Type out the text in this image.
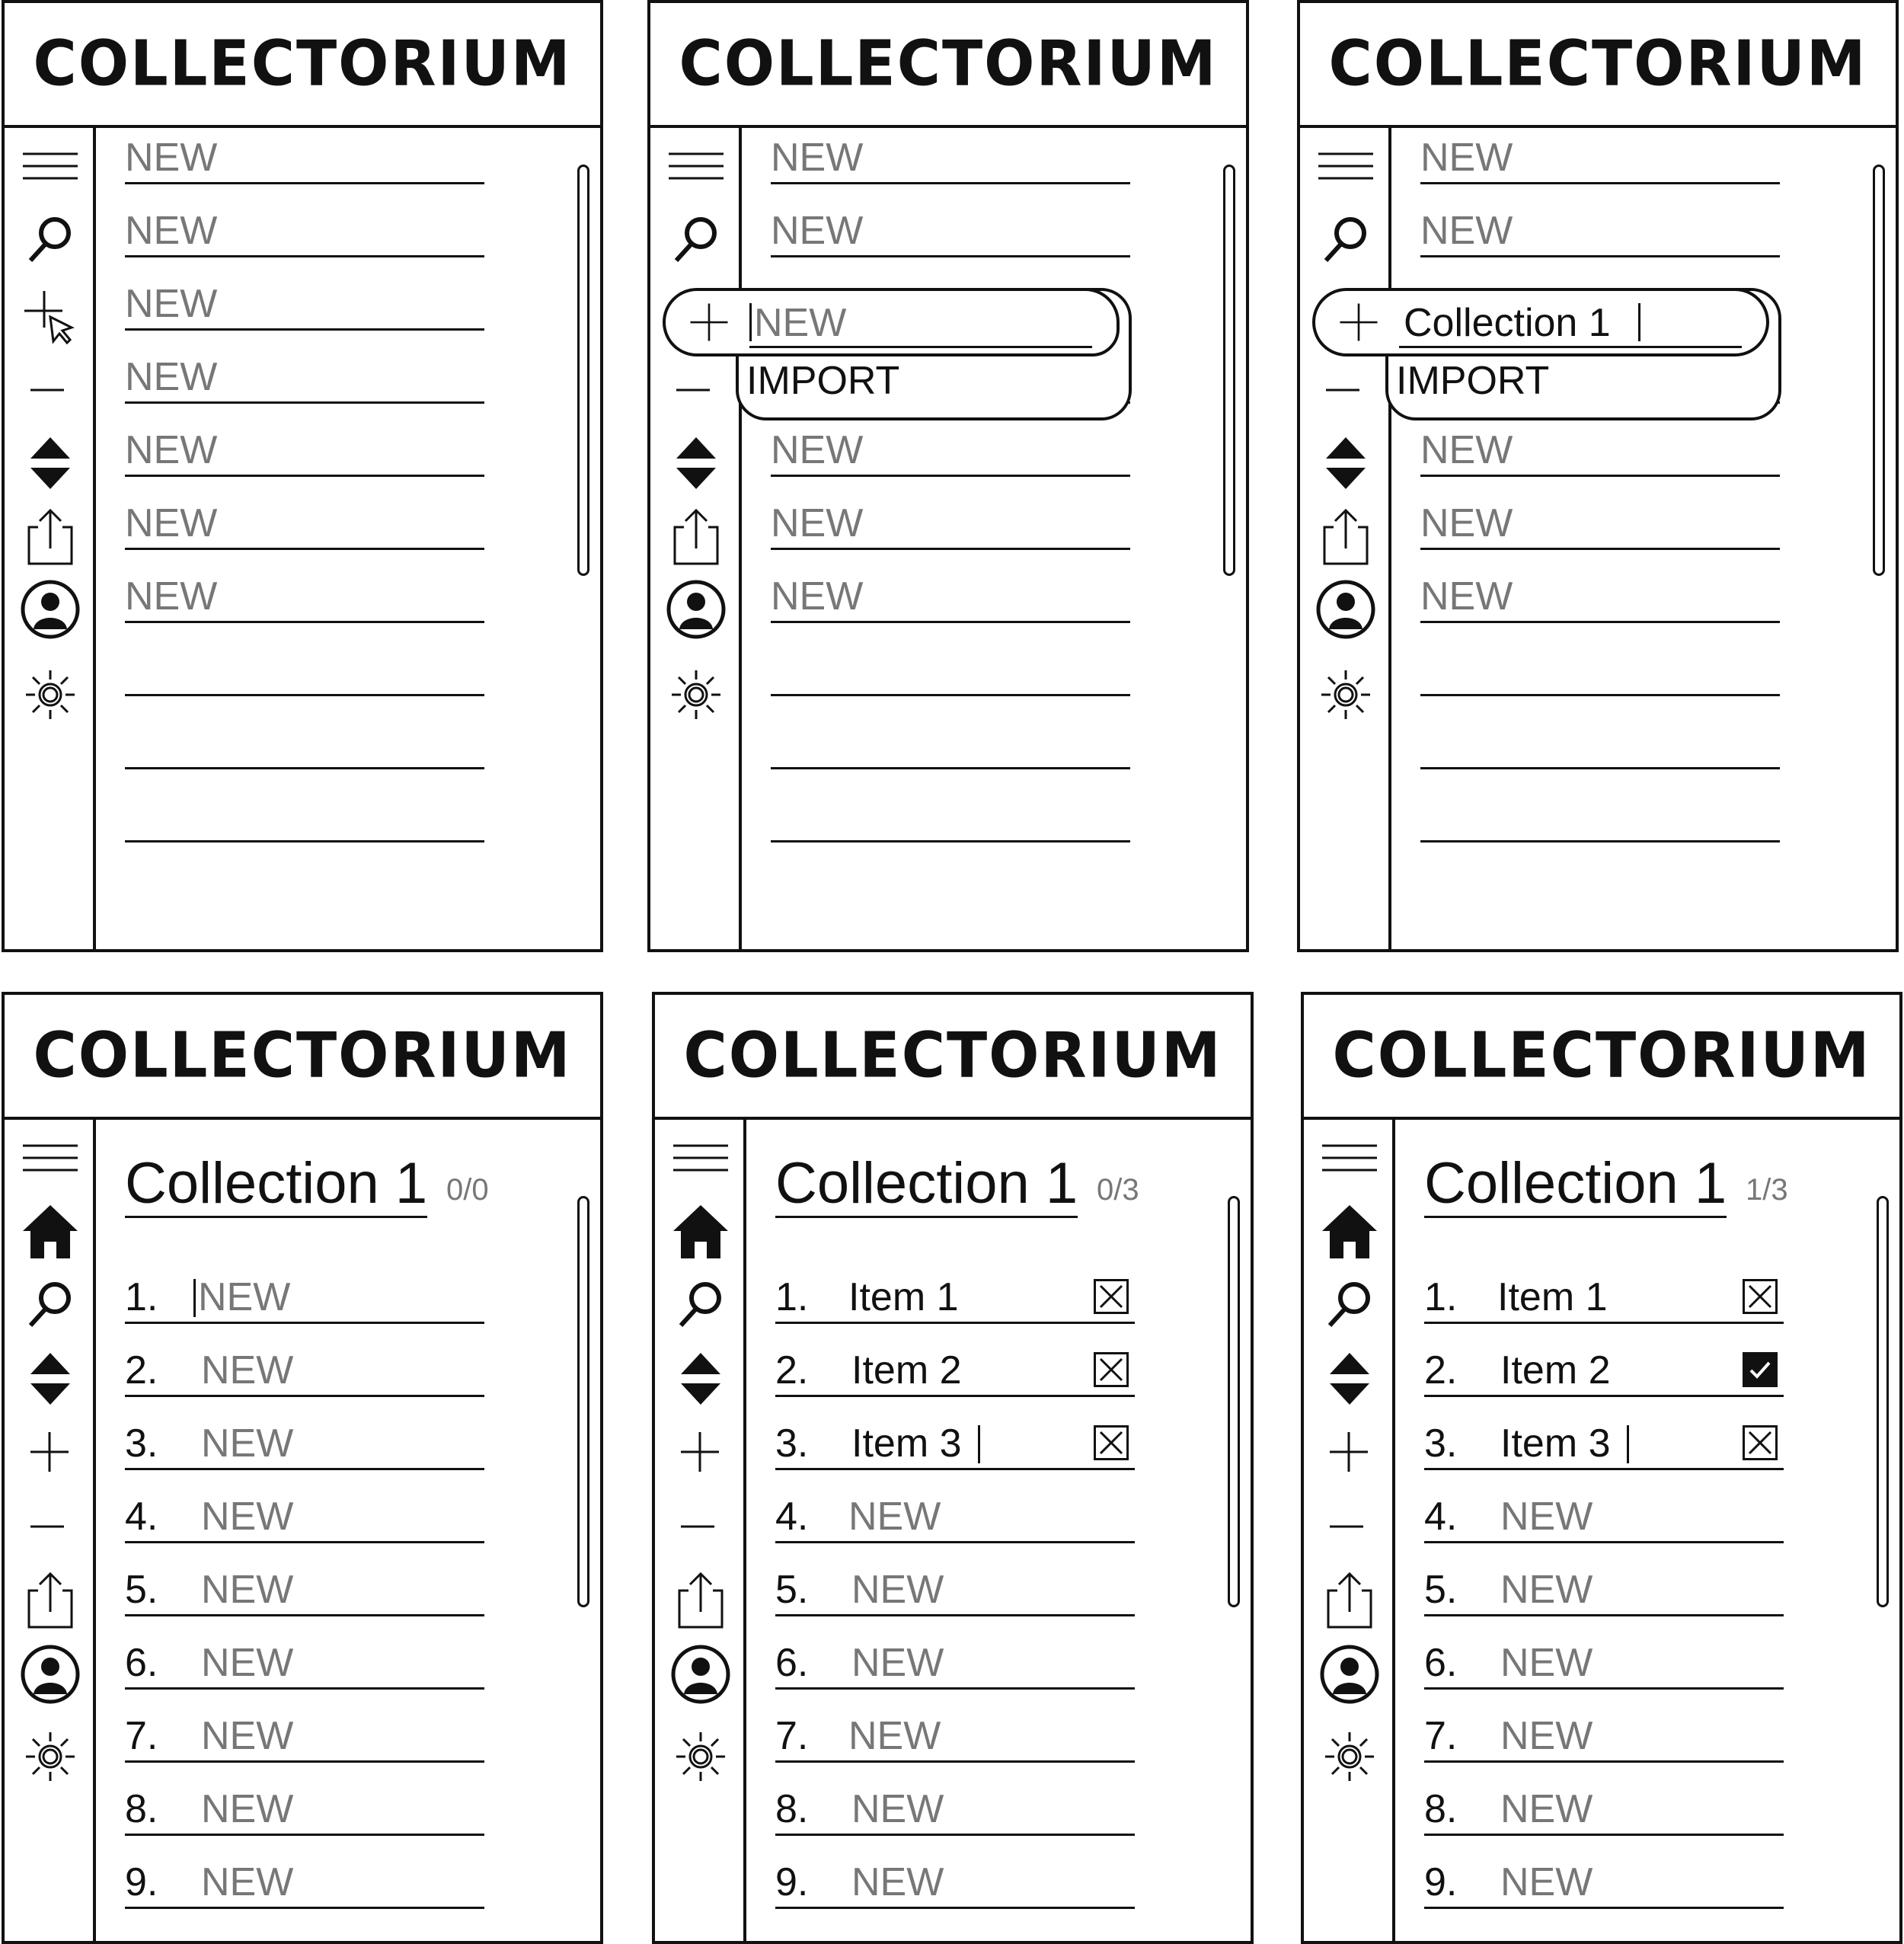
COLLECTORIUM
NEW
NEW
NEW
NEW
NEW
NEW
NEW
COLLECTORIUM
NEW
NEW
NEW
NEW
NEW
NEW
IMPORT
COLLECTORIUM
NEW
NEW
NEW
NEW
NEW
Collection 1
IMPORT
COLLECTORIUM
Collection 1 0/0
1. NEW
2. NEW
3. NEW
4. NEW
5. NEW
6. NEW
7. NEW
8. NEW
9. NEW
COLLECTORIUM
Collection 1 0/3
1. Item 1
2. Item 2
3. Item 3
4. NEW
5. NEW
6. NEW
7. NEW
8. NEW
9. NEW
COLLECTORIUM
Collection 1 1/3
1. Item 1
2. Item 2
3. Item 3
4. NEW
5. NEW
6. NEW
7. NEW
8. NEW
9. NEW
